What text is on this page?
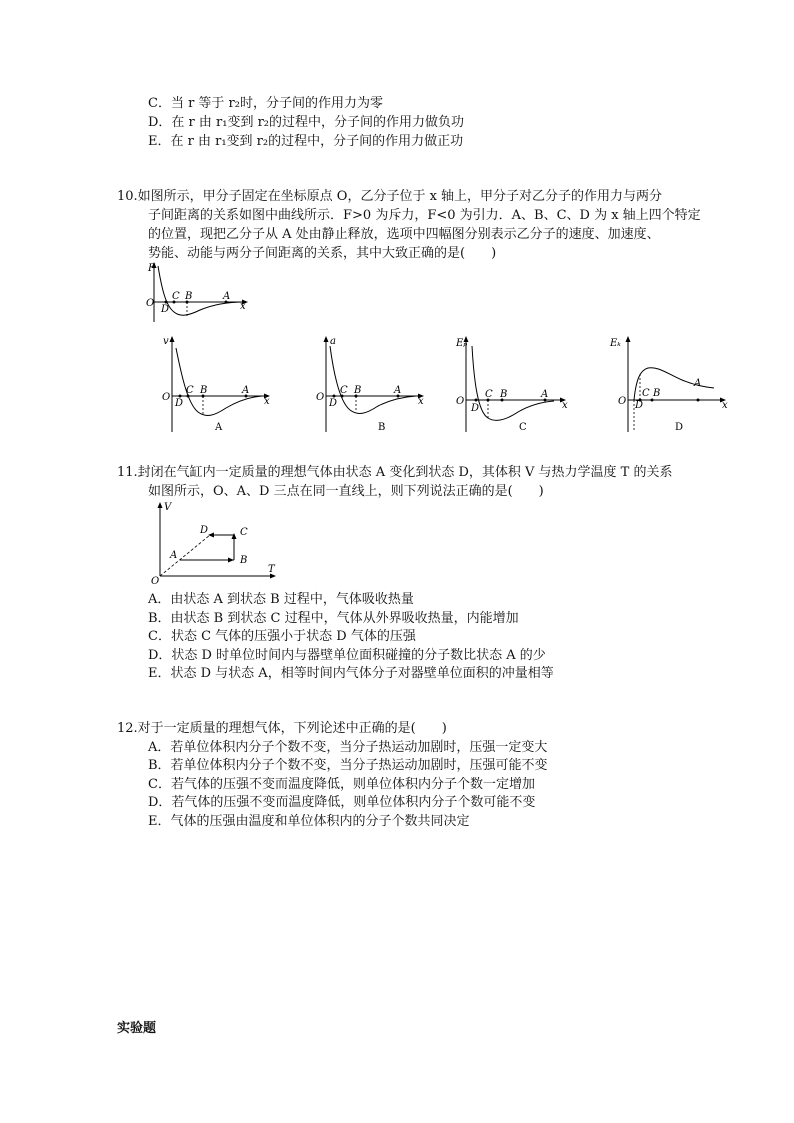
C．当 r 等于 r₂时，分子间的作用力为零
D．在 r 由 r₁变到 r₂的过程中，分子间的作用力做负功
E．在 r 由 r₁变到 r₂的过程中，分子间的作用力做正功
10.如图所示，甲分子固定在坐标原点 O，乙分子位于 x 轴上，甲分子对乙分子的作用力与两分
子间距离的关系如图中曲线所示．F>0 为斥力，F<0 为引力．A、B、C、D 为 x 轴上四个特定
的位置，现把乙分子从 A 处由静止释放，选项中四幅图分别表示乙分子的速度、加速度、
势能、动能与两分子间距离的关系，其中大致正确的是(　　)
F
O	x
C B	A
D
v
O	x
C B	A
D
A
a
O	x
C B	A
D
B
Eₚ
O	x
C B	A
D
C
Eₖ
O	x
C B
A
D
D
11.封闭在气缸内一定质量的理想气体由状态 A 变化到状态 D，其体积 V 与热力学温度 T 的关系
如图所示，O、A、D 三点在同一直线上，则下列说法正确的是(　　)
V
T
O
A	B
C
D
A．由状态 A 到状态 B 过程中，气体吸收热量
B．由状态 B 到状态 C 过程中，气体从外界吸收热量，内能增加
C．状态 C 气体的压强小于状态 D 气体的压强
D．状态 D 时单位时间内与器壁单位面积碰撞的分子数比状态 A 的少
E．状态 D 与状态 A，相等时间内气体分子对器壁单位面积的冲量相等
12.对于一定质量的理想气体，下列论述中正确的是(　　)
A．若单位体积内分子个数不变，当分子热运动加剧时，压强一定变大
B．若单位体积内分子个数不变，当分子热运动加剧时，压强可能不变
C．若气体的压强不变而温度降低，则单位体积内分子个数一定增加
D．若气体的压强不变而温度降低，则单位体积内分子个数可能不变
E．气体的压强由温度和单位体积内的分子个数共同决定
实验题
